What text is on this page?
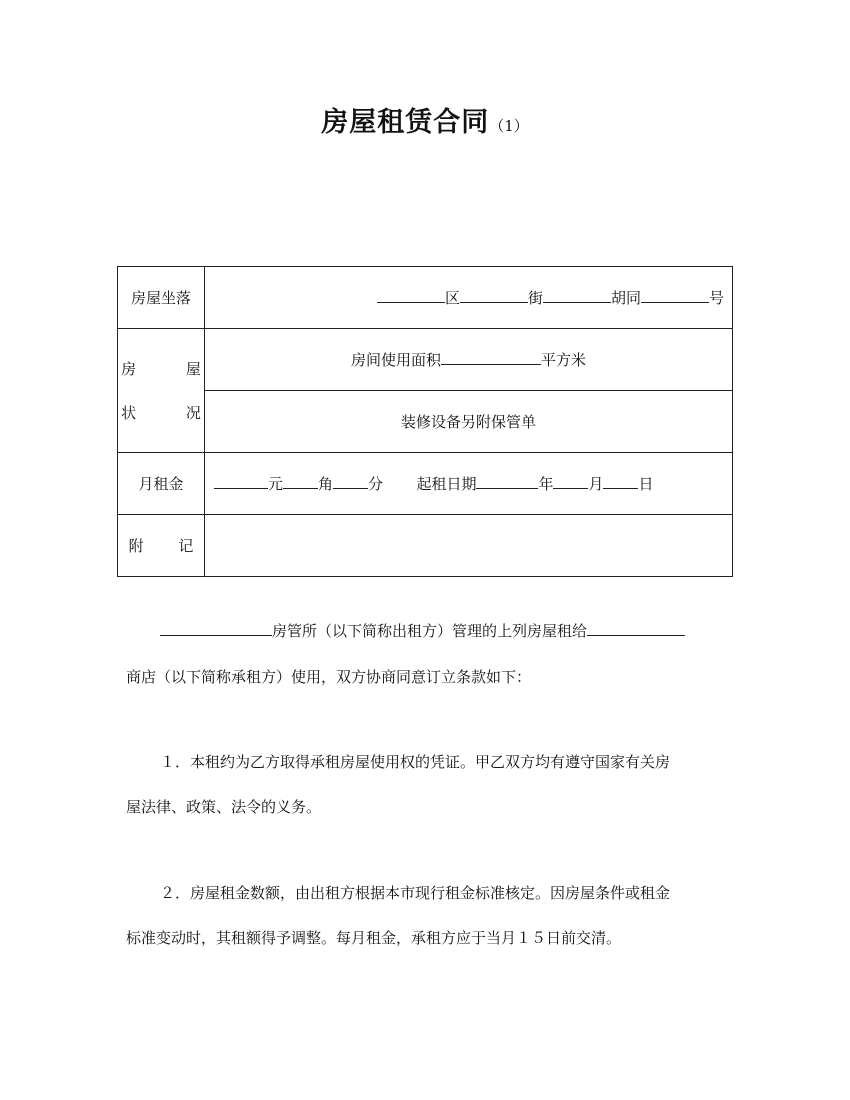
房屋租赁合同（1）
房屋坐落	区 街 胡同 号

房 屋
状 况	房间使用面积 平方米
	装修设备另附保管单
月租金	元 角 分 起租日期 年 月 日
附 记	
房管所（以下简称出租方）管理的上列房屋租给
商店（以下简称承租方）使用，双方协商同意订立条款如下：
１．本租约为乙方取得承租房屋使用权的凭证。甲乙双方均有遵守国家有关房
屋法律、政策、法令的义务。
２．房屋租金数额，由出租方根据本市现行租金标准核定。因房屋条件或租金
标准变动时，其租额得予调整。每月租金，承租方应于当月１５日前交清。
